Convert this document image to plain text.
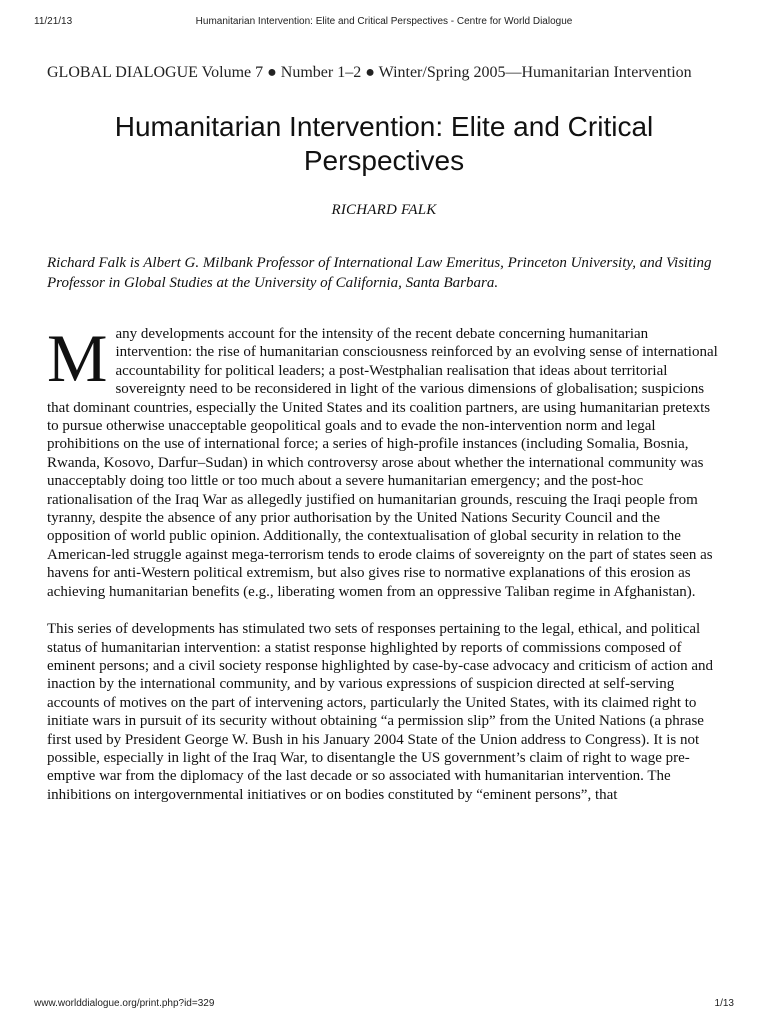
11/21/13	Humanitarian Intervention: Elite and Critical Perspectives - Centre for World Dialogue

GLOBAL DIALOGUE Volume 7 ● Number 1–2 ● Winter/Spring 2005—Humanitarian Intervention

Humanitarian Intervention: Elite and Critical Perspectives

RICHARD FALK

Richard Falk is Albert G. Milbank Professor of International Law Emeritus, Princeton University, and Visiting Professor in Global Studies at the University of California, Santa Barbara.

Many developments account for the intensity of the recent debate concerning humanitarian intervention: the rise of humanitarian consciousness reinforced by an evolving sense of international accountability for political leaders; a post-Westphalian realisation that ideas about territorial sovereignty need to be reconsidered in light of the various dimensions of globalisation; suspicions that dominant countries, especially the United States and its coalition partners, are using humanitarian pretexts to pursue otherwise unacceptable geopolitical goals and to evade the non-intervention norm and legal prohibitions on the use of international force; a series of high-profile instances (including Somalia, Bosnia, Rwanda, Kosovo, Darfur–Sudan) in which controversy arose about whether the international community was unacceptably doing too little or too much about a severe humanitarian emergency; and the post-hoc rationalisation of the Iraq War as allegedly justified on humanitarian grounds, rescuing the Iraqi people from tyranny, despite the absence of any prior authorisation by the United Nations Security Council and the opposition of world public opinion. Additionally, the contextualisation of global security in relation to the American-led struggle against mega-terrorism tends to erode claims of sovereignty on the part of states seen as havens for anti-Western political extremism, but also gives rise to normative explanations of this erosion as achieving humanitarian benefits (e.g., liberating women from an oppressive Taliban regime in Afghanistan).

This series of developments has stimulated two sets of responses pertaining to the legal, ethical, and political status of humanitarian intervention: a statist response highlighted by reports of commissions composed of eminent persons; and a civil society response highlighted by case-by-case advocacy and criticism of action and inaction by the international community, and by various expressions of suspicion directed at self-serving accounts of motives on the part of intervening actors, particularly the United States, with its claimed right to initiate wars in pursuit of its security without obtaining “a permission slip” from the United Nations (a phrase first used by President George W. Bush in his January 2004 State of the Union address to Congress). It is not possible, especially in light of the Iraq War, to disentangle the US government’s claim of right to wage pre-emptive war from the diplomacy of the last decade or so associated with humanitarian intervention. The inhibitions on intergovernmental initiatives or on bodies constituted by “eminent persons”, that

www.worlddialogue.org/print.php?id=329	1/13
